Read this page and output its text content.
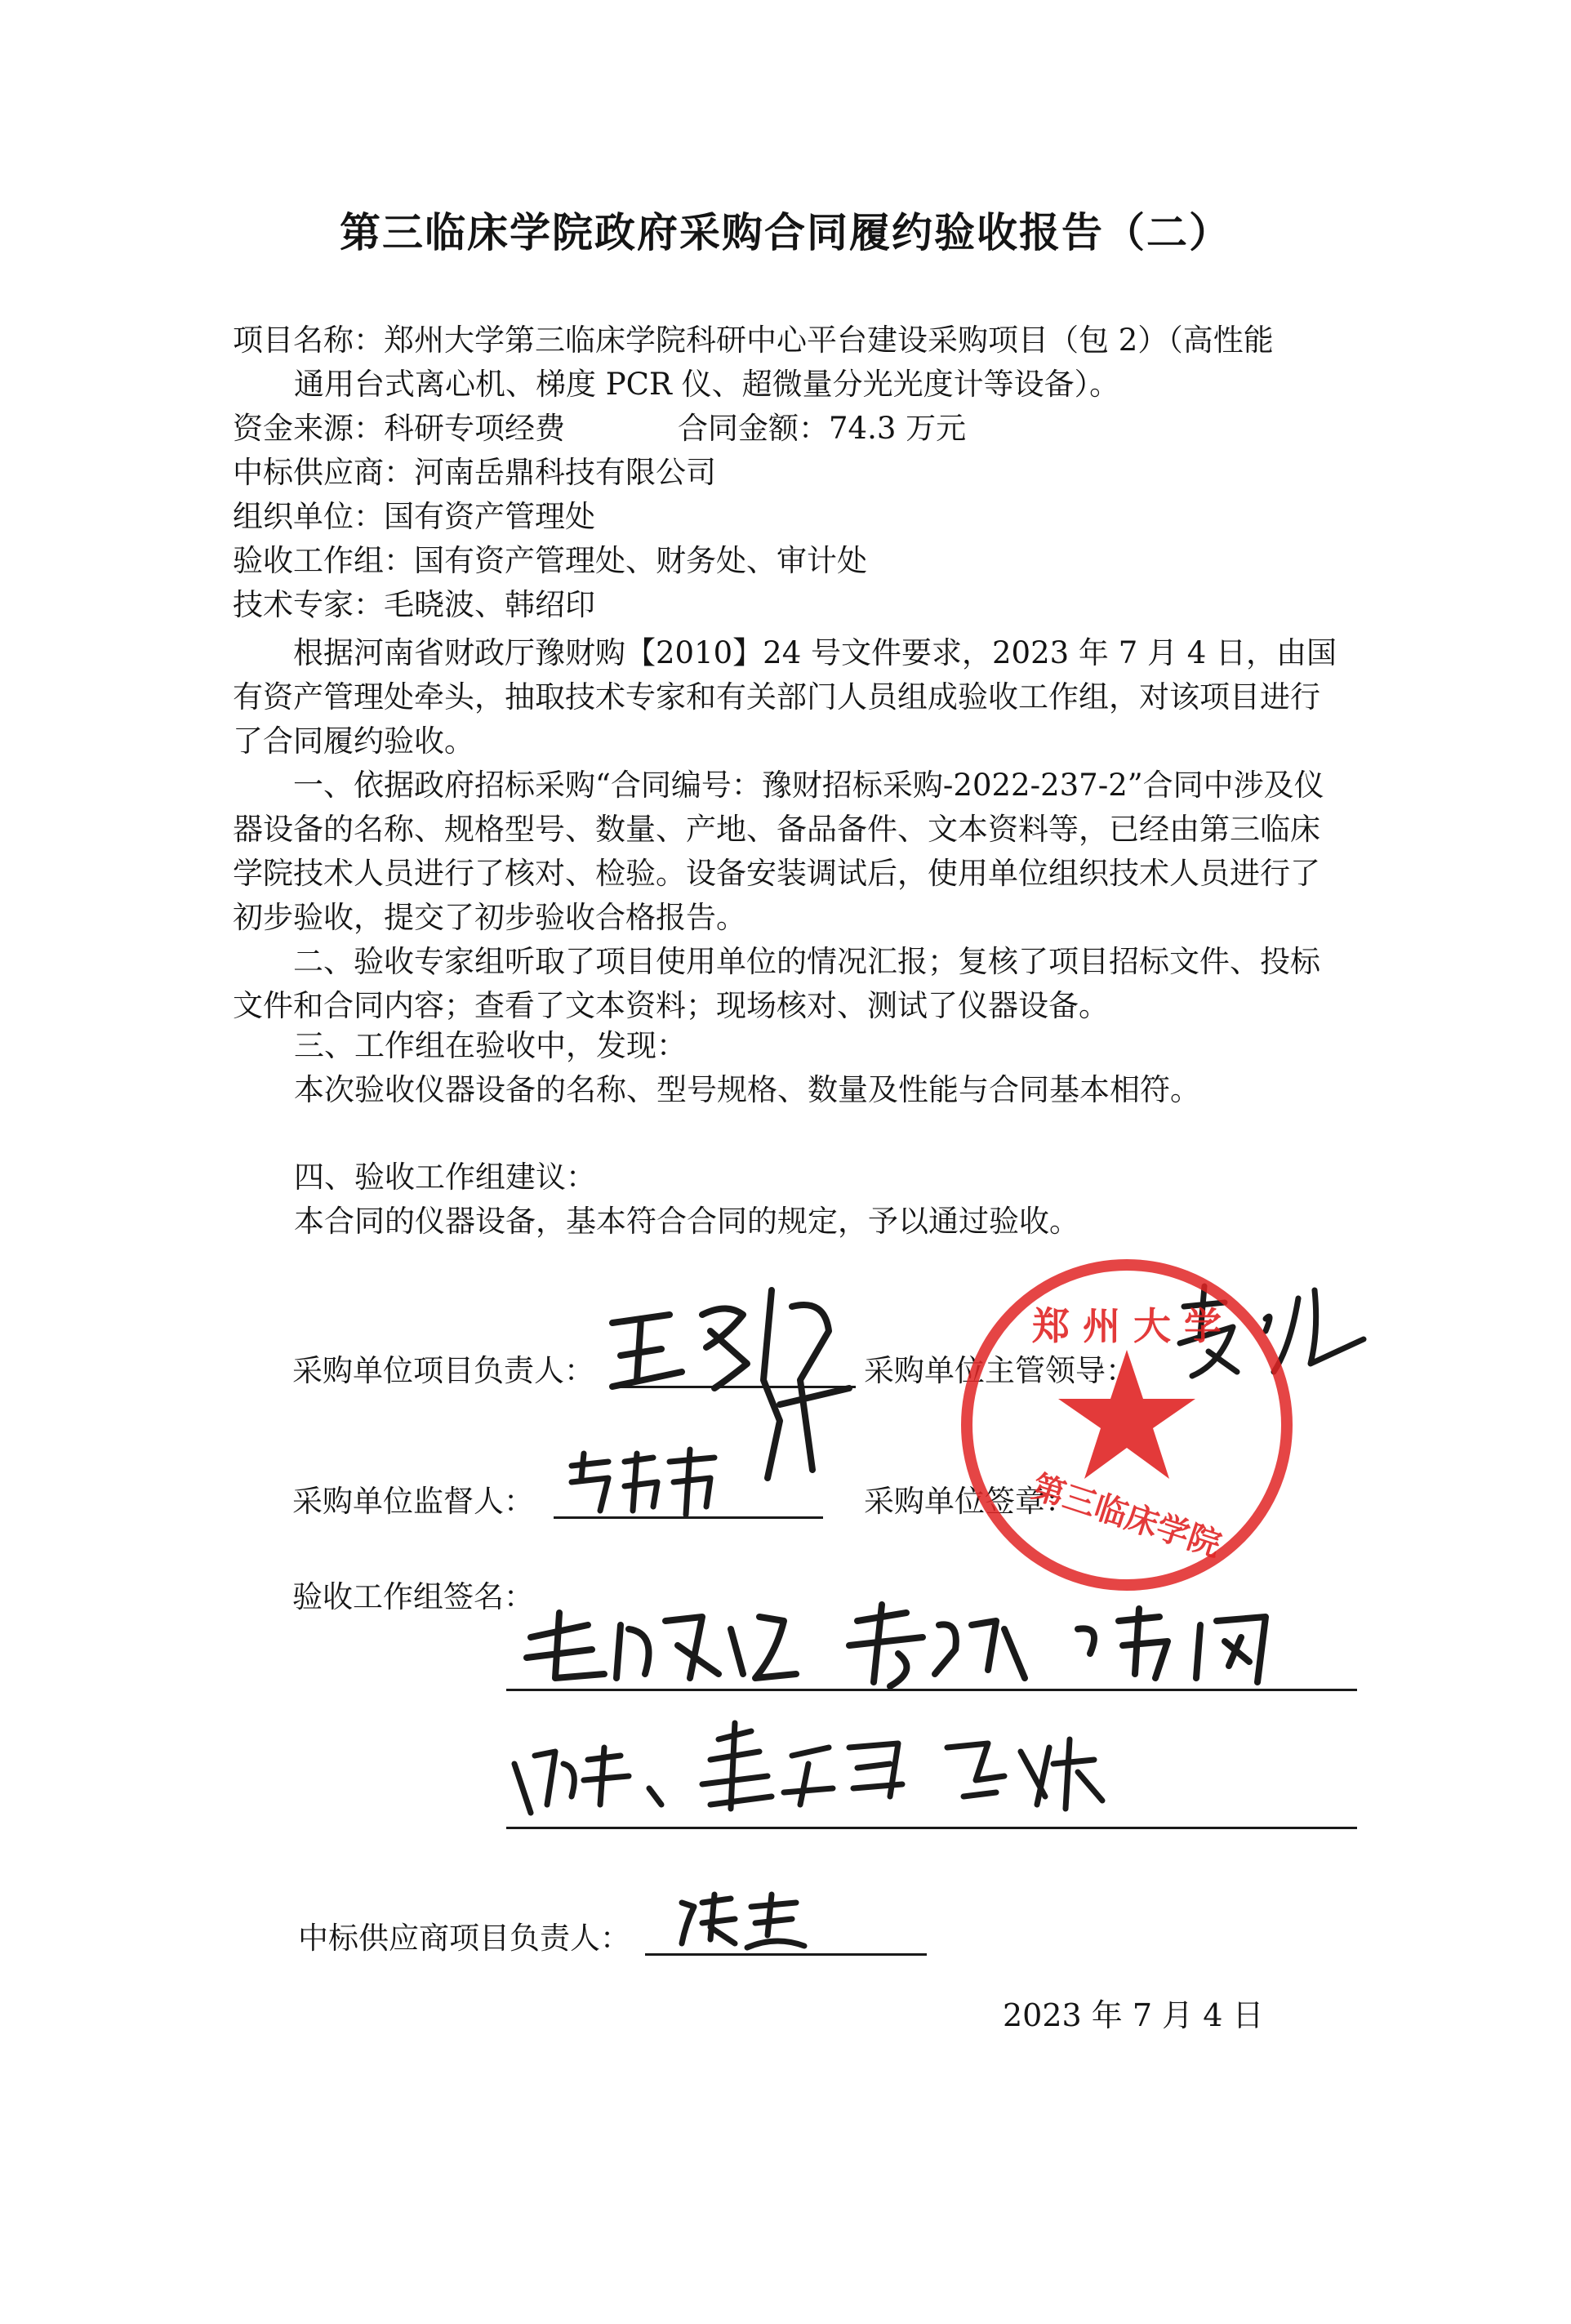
第三临床学院政府采购合同履约验收报告（二）
项目名称：郑州大学第三临床学院科研中心平台建设采购项目（包 2）（高性能
通用台式离心机、梯度 PCR 仪、超微量分光光度计等设备）。
资金来源：科研专项经费	合同金额：74.3 万元
中标供应商：河南岳鼎科技有限公司
组织单位：国有资产管理处
验收工作组：国有资产管理处、财务处、审计处
技术专家：毛晓波、韩绍印
根据河南省财政厅豫财购【2010】24 号文件要求，2023 年 7 月 4 日，由国有资产管理处牵头，抽取技术专家和有关部门人员组成验收工作组，对该项目进行了合同履约验收。
一、依据政府招标采购“合同编号：豫财招标采购-2022-237-2”合同中涉及仪器设备的名称、规格型号、数量、产地、备品备件、文本资料等，已经由第三临床学院技术人员进行了核对、检验。设备安装调试后，使用单位组织技术人员进行了初步验收，提交了初步验收合格报告。
二、验收专家组听取了项目使用单位的情况汇报；复核了项目招标文件、投标文件和合同内容；查看了文本资料；现场核对、测试了仪器设备。
三、工作组在验收中，发现：
本次验收仪器设备的名称、型号规格、数量及性能与合同基本相符。
四、验收工作组建议：
本合同的仪器设备，基本符合合同的规定，予以通过验收。
采购单位项目负责人：	采购单位主管领导：
采购单位监督人：	采购单位签章：
郑 州 大 学
第三临床学院
验收工作组签名：
中标供应商项目负责人：
2023 年 7 月 4 日
